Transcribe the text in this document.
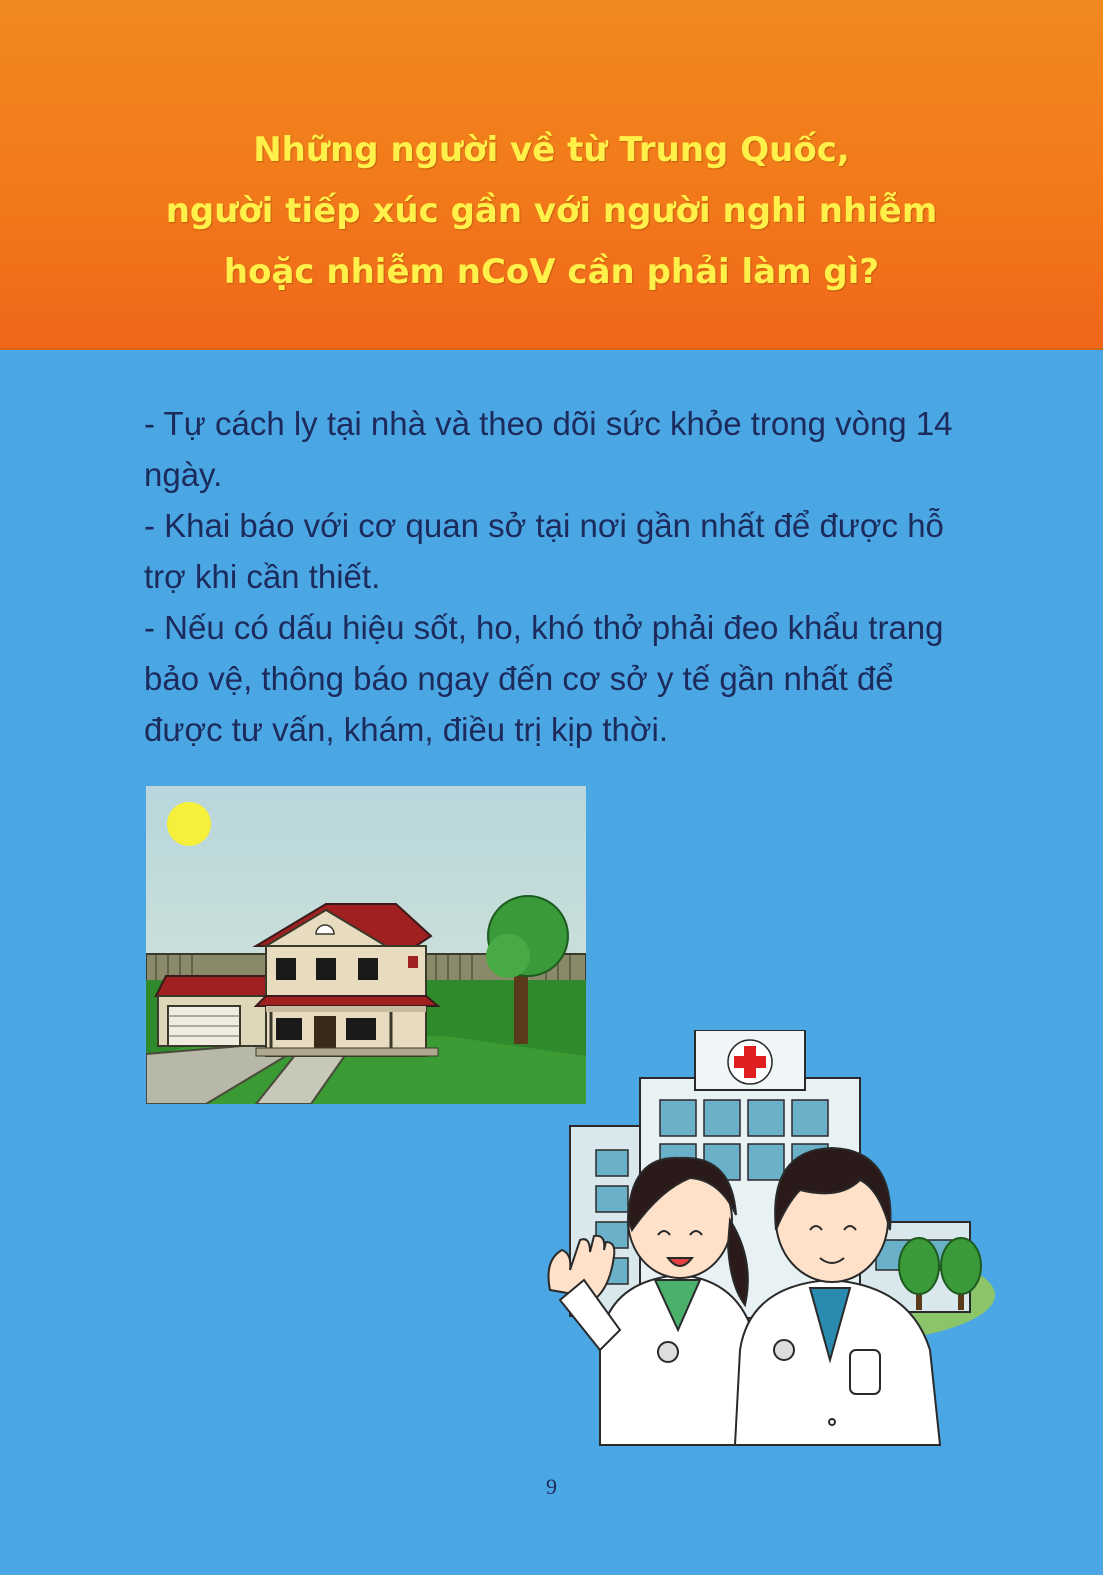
Những người về từ Trung Quốc,
người tiếp xúc gần với người nghi nhiễm
hoặc nhiễm nCoV cần phải làm gì?

- Tự cách ly tại nhà và theo dõi sức khỏe trong vòng 14 ngày.

- Khai báo với cơ quan sở tại nơi gần nhất để được hỗ trợ khi cần thiết.

- Nếu có dấu hiệu sốt, ho, khó thở phải đeo khẩu trang bảo vệ, thông báo ngay đến cơ sở y tế gần nhất để được tư vấn, khám, điều trị kịp thời.

9
